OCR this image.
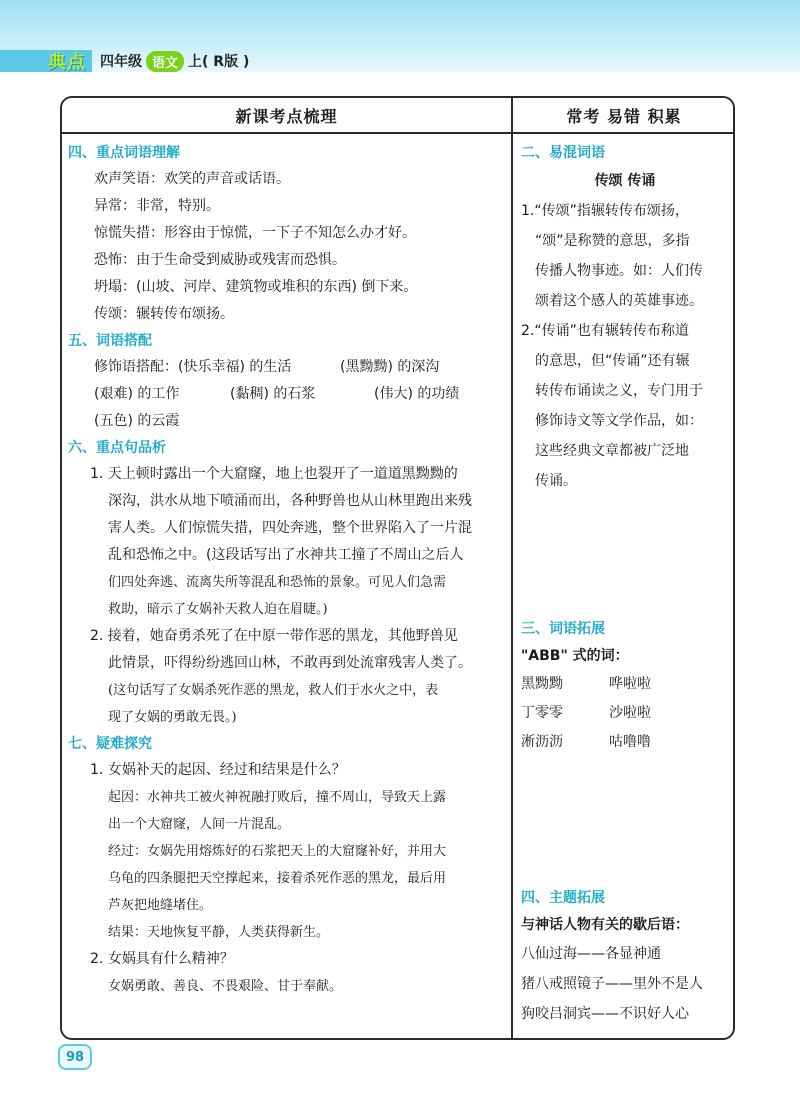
典点 四年级 语文 上( R版 )
新课考点梳理
四、重点词语理解
欢声笑语：欢笑的声音或话语。
异常：非常，特别。
惊慌失措：形容由于惊慌，一下子不知怎么办才好。
恐怖：由于生命受到威胁或残害而恐惧。
坍塌：(山坡、河岸、建筑物或堆积的东西) 倒下来。
传颂：辗转传布颂扬。
五、词语搭配
修饰语搭配：(快乐幸福) 的生活	(黑黝黝) 的深沟
(艰难) 的工作	(黏稠) 的石浆	(伟大) 的功绩
(五色) 的云霞
六、重点句品析
1. 天上顿时露出一个大窟窿，地上也裂开了一道道黑黝黝的
深沟，洪水从地下喷涌而出，各种野兽也从山林里跑出来残
害人类。人们惊慌失措，四处奔逃，整个世界陷入了一片混
乱和恐怖之中。(这段话写出了水神共工撞了不周山之后人
们四处奔逃、流离失所等混乱和恐怖的景象。可见人们急需
救助，暗示了女娲补天救人迫在眉睫。)
2. 接着，她奋勇杀死了在中原一带作恶的黑龙，其他野兽见
此情景，吓得纷纷逃回山林，不敢再到处流窜残害人类了。
(这句话写了女娲杀死作恶的黑龙，救人们于水火之中，表
现了女娲的勇敢无畏。)
七、疑难探究
1. 女娲补天的起因、经过和结果是什么？
起因：水神共工被火神祝融打败后，撞不周山，导致天上露
出一个大窟窿，人间一片混乱。
经过：女娲先用熔炼好的石浆把天上的大窟窿补好，并用大
乌龟的四条腿把天空撑起来，接着杀死作恶的黑龙，最后用
芦灰把地缝堵住。
结果：天地恢复平静，人类获得新生。
2. 女娲具有什么精神？
女娲勇敢、善良、不畏艰险、甘于奉献。
常考 易错 积累
二、易混词语
传颂 传诵
1.“传颂”指辗转传布颂扬，
“颂”是称赞的意思，多指
传播人物事迹。如：人们传
颂着这个感人的英雄事迹。
2.“传诵”也有辗转传布称道
的意思，但“传诵”还有辗
转传布诵读之义，专门用于
修饰诗文等文学作品，如：
这些经典文章都被广泛地
传诵。
三、词语拓展
"ABB" 式的词：
黑黝黝	哗啦啦
丁零零	沙啦啦
淅沥沥	咕噜噜
四、主题拓展
与神话人物有关的歇后语：
八仙过海——各显神通
猪八戒照镜子——里外不是人
狗咬吕洞宾——不识好人心
98
